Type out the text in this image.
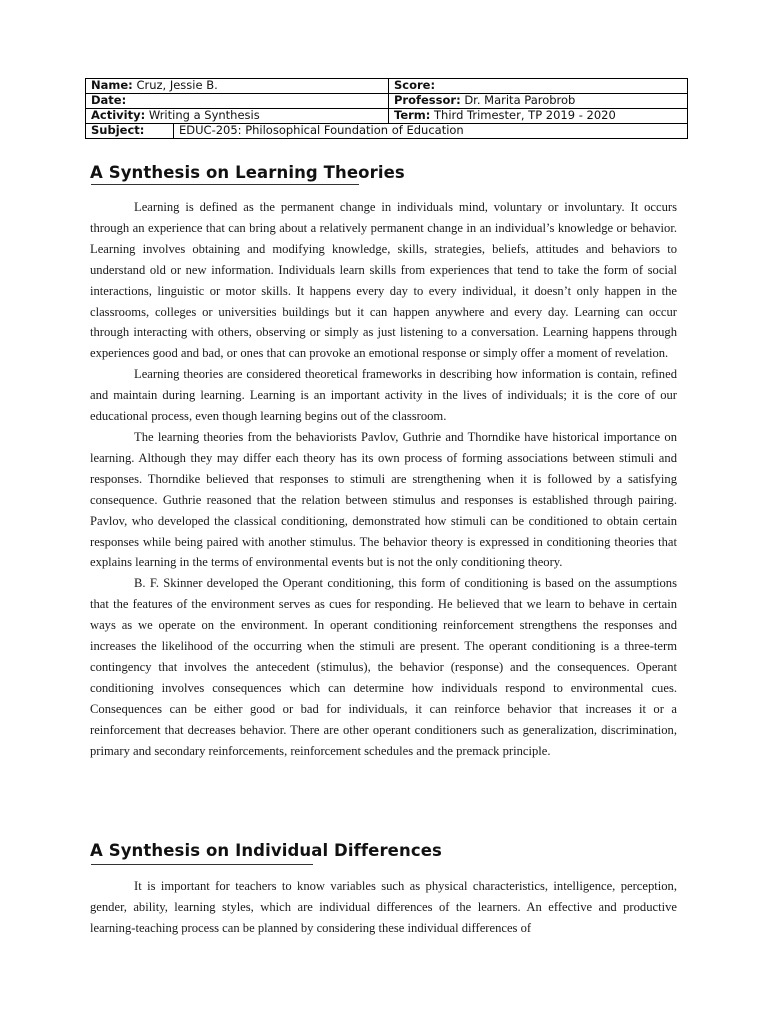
Name: Cruz, Jessie B.	Score:
Date:	Professor: Dr. Marita Parobrob
Activity: Writing a Synthesis	Term: Third Trimester, TP 2019 - 2020
Subject:	EDUC-205: Philosophical Foundation of Education
A Synthesis on Learning Theories

Learning is defined as the permanent change in individuals mind, voluntary or involuntary. It occurs through an experience that can bring about a relatively permanent change in an individual’s knowledge or behavior. Learning involves obtaining and modifying knowledge, skills, strategies, beliefs, attitudes and behaviors to understand old or new information. Individuals learn skills from experiences that tend to take the form of social interactions, linguistic or motor skills. It happens every day to every individual, it doesn’t only happen in the classrooms, colleges or universities buildings but it can happen anywhere and every day. Learning can occur through interacting with others, observing or simply as just listening to a conversation. Learning happens through experiences good and bad, or ones that can provoke an emotional response or simply offer a moment of revelation.

Learning theories are considered theoretical frameworks in describing how information is contain, refined and maintain during learning. Learning is an important activity in the lives of individuals; it is the core of our educational process, even though learning begins out of the classroom.

The learning theories from the behaviorists Pavlov, Guthrie and Thorndike have historical importance on learning. Although they may differ each theory has its own process of forming associations between stimuli and responses. Thorndike believed that responses to stimuli are strengthening when it is followed by a satisfying consequence. Guthrie reasoned that the relation between stimulus and responses is established through pairing. Pavlov, who developed the classical conditioning, demonstrated how stimuli can be conditioned to obtain certain responses while being paired with another stimulus. The behavior theory is expressed in conditioning theories that explains learning in the terms of environmental events but is not the only conditioning theory.

B. F. Skinner developed the Operant conditioning, this form of conditioning is based on the assumptions that the features of the environment serves as cues for responding. He believed that we learn to behave in certain ways as we operate on the environment. In operant conditioning reinforcement strengthens the responses and increases the likelihood of the occurring when the stimuli are present. The operant conditioning is a three-term contingency that involves the antecedent (stimulus), the behavior (response) and the consequences. Operant conditioning involves consequences which can determine how individuals respond to environmental cues. Consequences can be either good or bad for individuals, it can reinforce behavior that increases it or a reinforcement that decreases behavior. There are other operant conditioners such as generalization, discrimination, primary and secondary reinforcements, reinforcement schedules and the premack principle.

A Synthesis on Individual Differences

It is important for teachers to know variables such as physical characteristics, intelligence, perception, gender, ability, learning styles, which are individual differences of the learners. An effective and productive learning-teaching process can be planned by considering these individual differences of
